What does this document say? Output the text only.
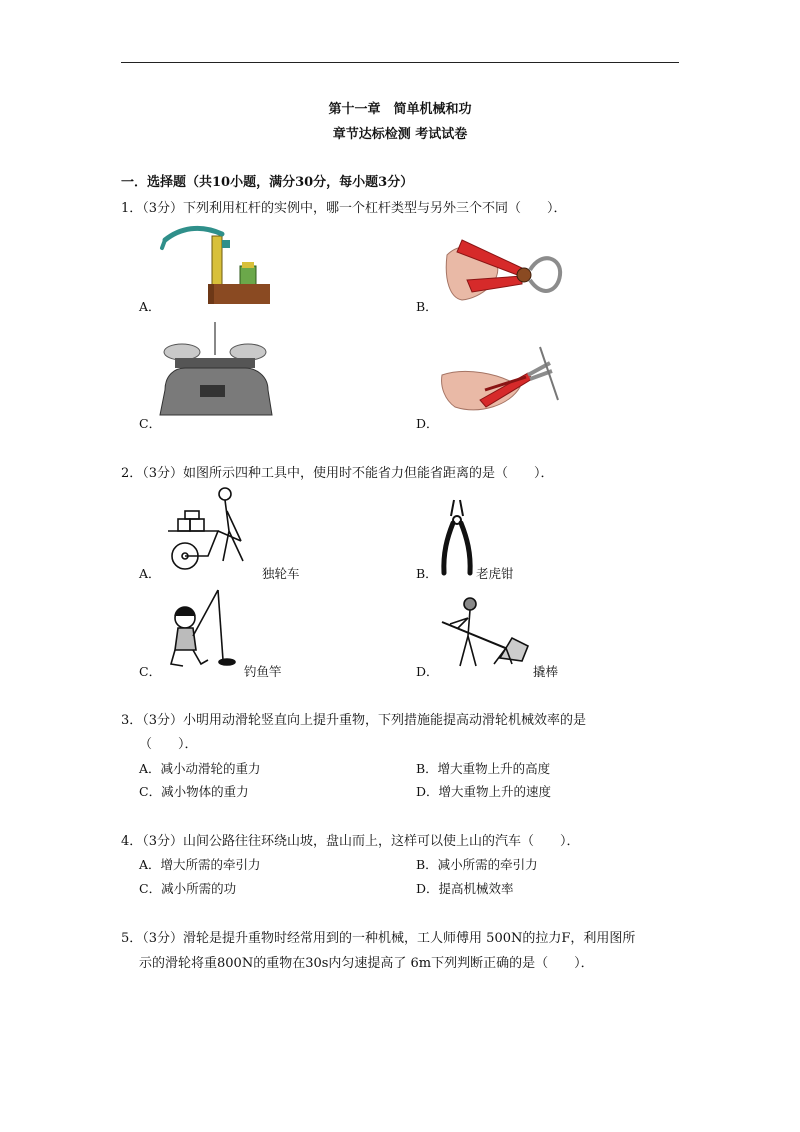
第十一章　简单机械和功
章节达标检测 考试试卷
一．选择题（共10小题，满分30分，每小题3分）
1．（3分）下列利用杠杆的实例中，哪一个杠杆类型与另外三个不同（　　）．
A．	B．
C．	D．
2．（3分）如图所示四种工具中，使用时不能省力但能省距离的是（　　）．
A．	独轮车	B．	老虎钳
C．	钓鱼竿	D．	撬棒
3．（3分）小明用动滑轮竖直向上提升重物，下列措施能提高动滑轮机械效率的是
（　　）．
A．减小动滑轮的重力	B．增大重物上升的高度
C．减小物体的重力	D．增大重物上升的速度
4．（3分）山间公路往往环绕山坡，盘山而上，这样可以使上山的汽车（　　）．
A．增大所需的牵引力	B．减小所需的牵引力
C．减小所需的功	D．提高机械效率
5．（3分）滑轮是提升重物时经常用到的一种机械，工人师傅用 500N的拉力F，利用图所
示的滑轮将重800N的重物在30s内匀速提高了 6m下列判断正确的是（　　）．
